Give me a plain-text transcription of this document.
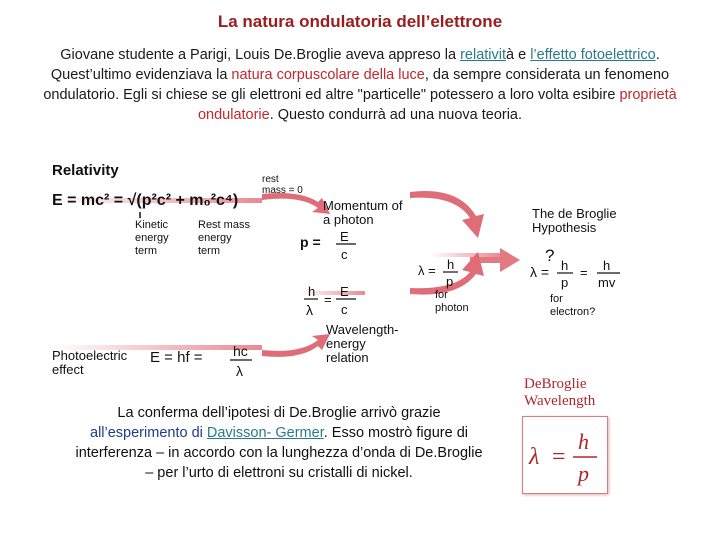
La natura ondulatoria dell’elettrone
Giovane studente a Parigi, Louis De.Broglie aveva appreso la relatività e l’effetto fotoelettrico. Quest’ultimo evidenziava la natura corpuscolare della luce, da sempre considerata un fenomeno ondulatorio. Egli si chiese se gli elettroni ed altre "particelle" potessero a loro volta esibire proprietà ondulatorie. Questo condurrà ad una nuova teoria.
Relativity
E = mc² = √(p²c² + m₀²c⁴)
rest
mass = 0
Kinetic
energy
term
Rest mass
energy
term
Momentum of
a photon
p = E
c
λ = h
p
for
photon
h
λ
=
E
c
Wavelength-
energy
relation
Photoelectric
effect
E = hf = hc
λ
The de Broglie
Hypothesis
?
λ = h
p
= h
mv
for
electron?
DeBroglie Wavelength
λ =
h
p
La conferma dell’ipotesi di De.Broglie arrivò grazie all’esperimento di Davisson- Germer. Esso mostrò figure di interferenza – in accordo con la lunghezza d’onda di De.Broglie – per l’urto di elettroni su cristalli di nickel.
